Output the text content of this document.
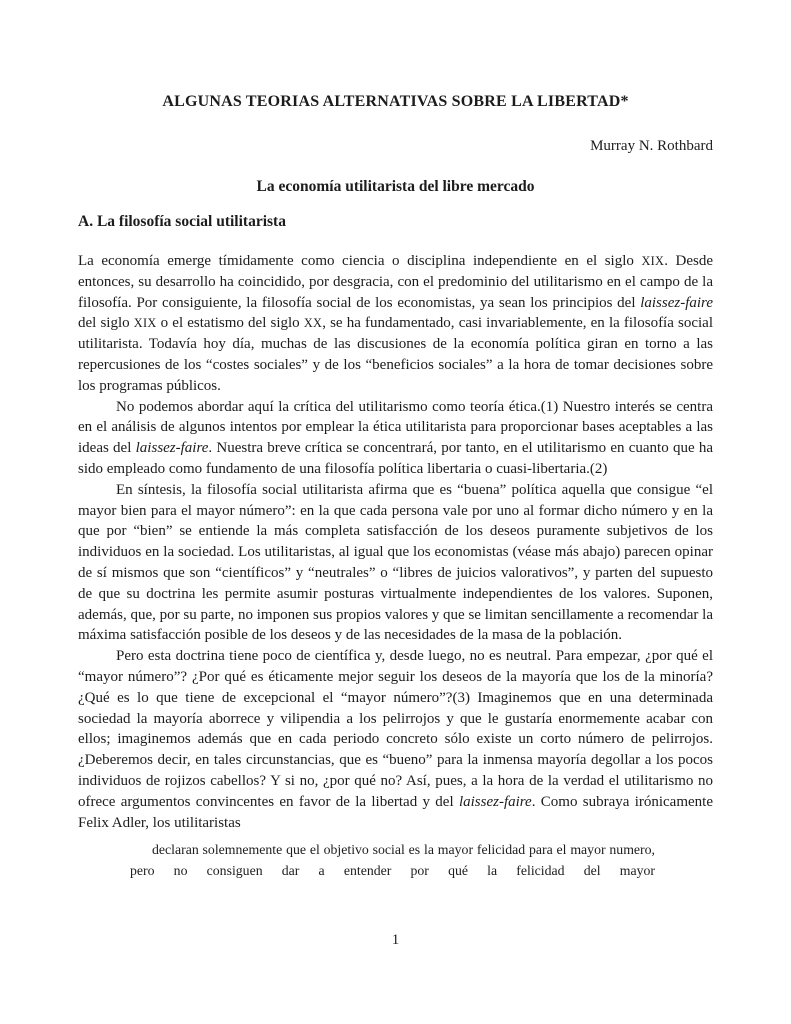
ALGUNAS TEORIAS ALTERNATIVAS SOBRE LA LIBERTAD*
Murray N. Rothbard
La economía utilitarista del libre mercado
A. La filosofía social utilitarista

La economía emerge tímidamente como ciencia o disciplina independiente en el siglo XIX. Desde entonces, su desarrollo ha coincidido, por desgracia, con el predominio del utilitarismo en el campo de la filosofía. Por consiguiente, la filosofía social de los economistas, ya sean los principios del laissez-faire del siglo XIX o el estatismo del siglo XX, se ha fundamentado, casi invariablemente, en la filosofía social utilitarista. Todavía hoy día, muchas de las discusiones de la economía política giran en torno a las repercusiones de los “costes sociales” y de los “beneficios sociales” a la hora de tomar decisiones sobre los programas públicos.

No podemos abordar aquí la crítica del utilitarismo como teoría ética.(1) Nuestro interés se centra en el análisis de algunos intentos por emplear la ética utilitarista para proporcionar bases aceptables a las ideas del laissez-faire. Nuestra breve crítica se concentrará, por tanto, en el utilitarismo en cuanto que ha sido empleado como fundamento de una filosofía política libertaria o cuasi-libertaria.(2)

En síntesis, la filosofía social utilitarista afirma que es “buena” política aquella que consigue “el mayor bien para el mayor número”: en la que cada persona vale por uno al formar dicho número y en la que por “bien” se entiende la más completa satisfacción de los deseos puramente subjetivos de los individuos en la sociedad. Los utilitaristas, al igual que los economistas (véase más abajo) parecen opinar de sí mismos que son “científicos” y “neutrales” o “libres de juicios valorativos”, y parten del supuesto de que su doctrina les permite asumir posturas virtualmente independientes de los valores. Suponen, además, que, por su parte, no imponen sus propios valores y que se limitan sencillamente a recomendar la máxima satisfacción posible de los deseos y de las necesidades de la masa de la población.

Pero esta doctrina tiene poco de científica y, desde luego, no es neutral. Para empezar, ¿por qué el “mayor número”? ¿Por qué es éticamente mejor seguir los deseos de la mayoría que los de la minoría? ¿Qué es lo que tiene de excepcional el “mayor número”?(3) Imaginemos que en una determinada sociedad la mayoría aborrece y vilipendia a los pelirrojos y que le gustaría enormemente acabar con ellos; imaginemos además que en cada periodo concreto sólo existe un corto número de pelirrojos. ¿Deberemos decir, en tales circunstancias, que es “bueno” para la inmensa mayoría degollar a los pocos individuos de rojizos cabellos? Y si no, ¿por qué no? Así, pues, a la hora de la verdad el utilitarismo no ofrece argumentos convincentes en favor de la libertad y del laissez-faire. Como subraya irónicamente Felix Adler, los utilitaristas

declaran solemnemente que el objetivo social es la mayor felicidad para el mayor numero, pero no consiguen dar a entender por qué la felicidad del mayor
1
